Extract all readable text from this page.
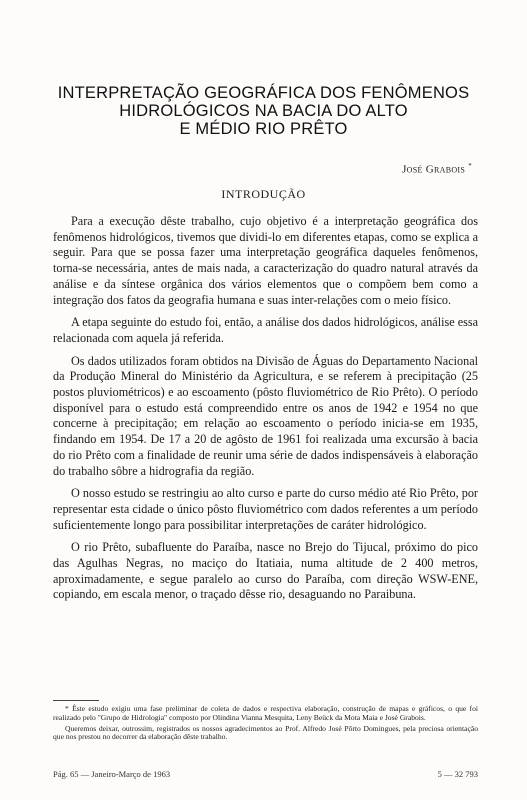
INTERPRETAÇÃO GEOGRÁFICA DOS FENÔMENOS
HIDROLÓGICOS NA BACIA DO ALTO
E MÉDIO RIO PRÊTO
José Grabois *
INTRODUÇÃO

Para a execução dêste trabalho, cujo objetivo é a interpretação geográfica dos fenômenos hidrológicos, tivemos que dividi-lo em diferentes etapas, como se explica a seguir. Para que se possa fazer uma interpretação geográfica daqueles fenômenos, torna-se necessária, antes de mais nada, a caracterização do quadro natural através da análise e da síntese orgânica dos vários elementos que o compõem bem como a integração dos fatos da geografia humana e suas inter-relações com o meio físico.

A etapa seguinte do estudo foi, então, a análise dos dados hidrológicos, análise essa relacionada com aquela já referida.

Os dados utilizados foram obtidos na Divisão de Águas do Departamento Nacional da Produção Mineral do Ministério da Agricultura, e se referem à precipitação (25 postos pluviométricos) e ao escoamento (pôsto fluviométrico de Rio Prêto). O período disponível para o estudo está compreendido entre os anos de 1942 e 1954 no que concerne à precipitação; em relação ao escoamento o período inicia-se em 1935, findando em 1954. De 17 a 20 de agôsto de 1961 foi realizada uma excursão à bacia do rio Prêto com a finalidade de reunir uma série de dados indispensáveis à elaboração do trabalho sôbre a hidrografia da região.

O nosso estudo se restringiu ao alto curso e parte do curso médio até Rio Prêto, por representar esta cidade o único pôsto fluviométrico com dados referentes a um período suficientemente longo para possibilitar interpretações de caráter hidrológico.

O rio Prêto, subafluente do Paraíba, nasce no Brejo do Tijucal, próximo do pico das Agulhas Negras, no maciço do Itatiaia, numa altitude de 2 400 metros, aproximadamente, e segue paralelo ao curso do Paraíba, com direção WSW-ENE, copiando, em escala menor, o traçado dêsse rio, desaguando no Paraibuna.

* Êste estudo exigiu uma fase preliminar de coleta de dados e respectiva elaboração, construção de mapas e gráficos, o que foi realizado pelo "Grupo de Hidrologia" composto por Olindina Vianna Mesquita, Leny Beück da Mota Maia e José Grabois.

Queremos deixar, outrossim, registrados os nossos agradecimentos ao Prof. Alfredo José Pôrto Domingues, pela preciosa orientação que nos prestou no decorrer da elaboração dêste trabalho.

Pág. 65 — Janeiro-Março de 1963	5 — 32 793
